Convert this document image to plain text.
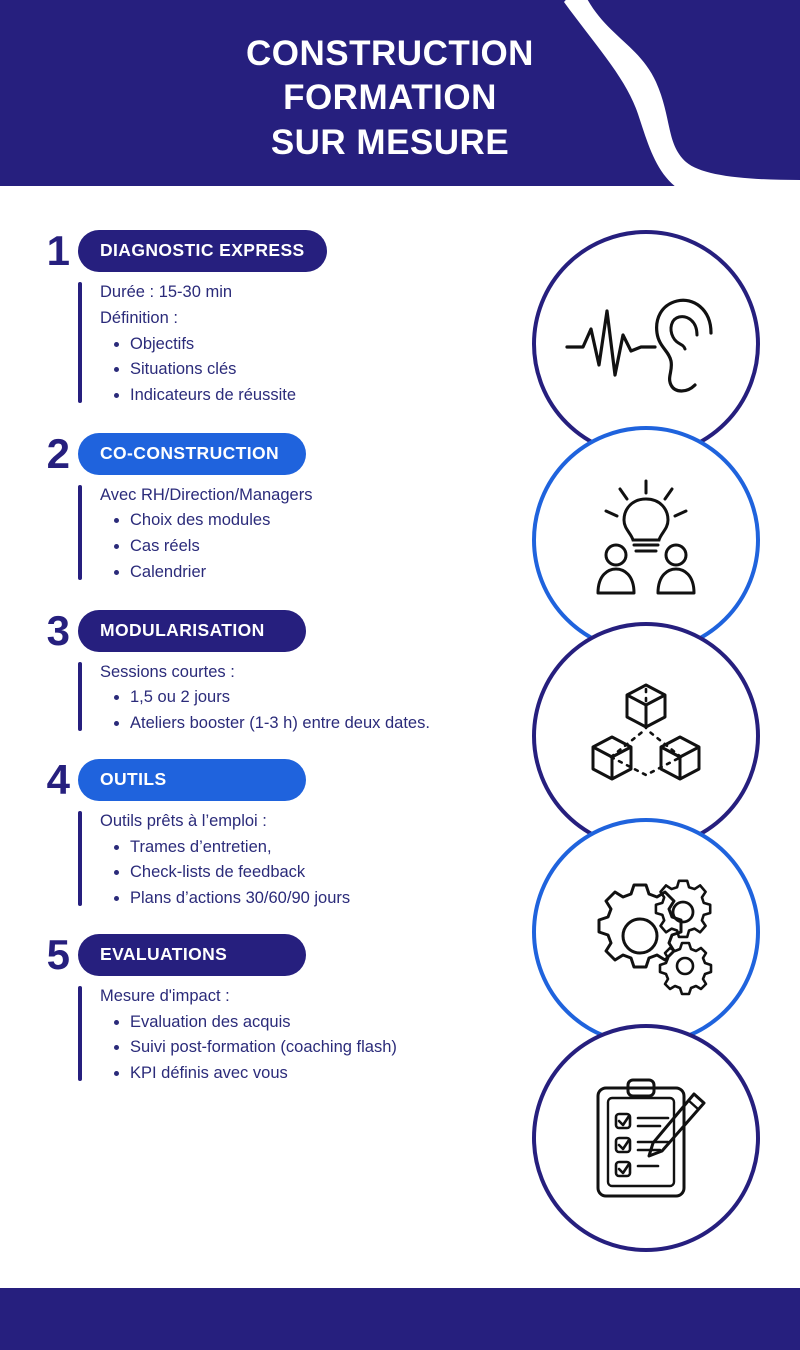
CONSTRUCTION
FORMATION
SUR MESURE
1	DIAGNOSTIC EXPRESS

Durée : 15-30 min

Définition :

Objectifs
Situations clés
Indicateurs de réussite
2	CO-CONSTRUCTION

Avec RH/Direction/Managers

Choix des modules
Cas réels
Calendrier
3	MODULARISATION

Sessions courtes :

1,5 ou 2 jours
Ateliers booster (1-3 h) entre deux dates.
4	OUTILS

Outils prêts à l’emploi :

Trames d’entretien,
Check-lists de feedback
Plans d’actions 30/60/90 jours
5	EVALUATIONS

Mesure d'impact :

Evaluation des acquis
Suivi post-formation (coaching flash)
KPI définis avec vous
